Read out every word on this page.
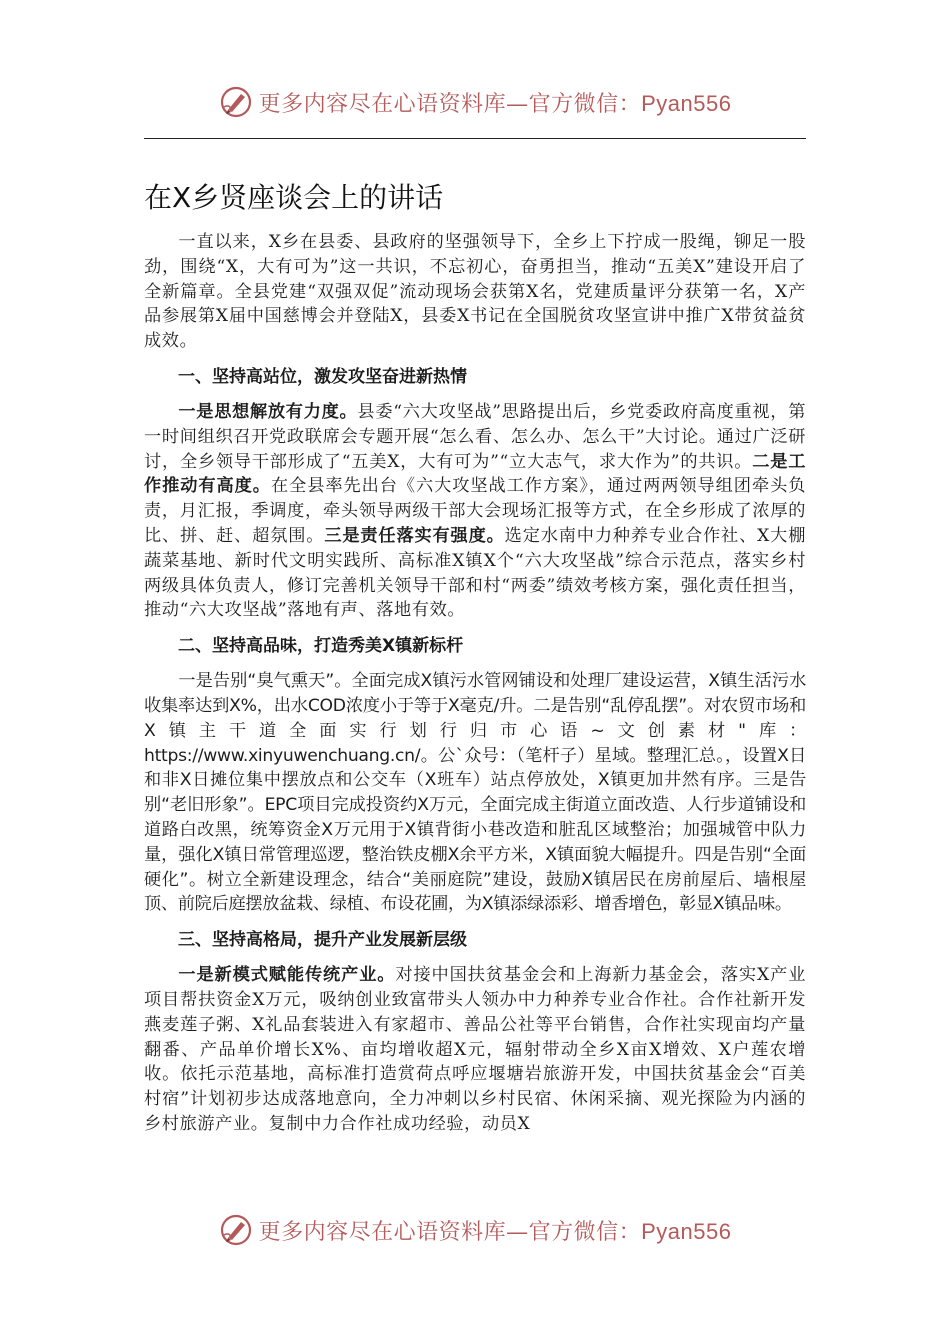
更多内容尽在心语资料库—官方微信：Pyan556
在X乡贤座谈会上的讲话

一直以来，X乡在县委、县政府的坚强领导下，全乡上下拧成一股绳，铆足一股劲，围绕“X，大有可为”这一共识，不忘初心，奋勇担当，推动“五美X”建设开启了全新篇章。全县党建“双强双促”流动现场会获第X名，党建质量评分获第一名，X产品参展第X届中国慈博会并登陆X，县委X书记在全国脱贫攻坚宣讲中推广X带贫益贫成效。

一、坚持高站位，激发攻坚奋进新热情

一是思想解放有力度。县委“六大攻坚战”思路提出后，乡党委政府高度重视，第一时间组织召开党政联席会专题开展“怎么看、怎么办、怎么干”大讨论。通过广泛研讨，全乡领导干部形成了“五美X，大有可为”“立大志气，求大作为”的共识。二是工作推动有高度。在全县率先出台《六大攻坚战工作方案》，通过两两领导组团牵头负责，月汇报，季调度，牵头领导两级干部大会现场汇报等方式，在全乡形成了浓厚的比、拼、赶、超氛围。三是责任落实有强度。选定水南中力种养专业合作社、X大棚蔬菜基地、新时代文明实践所、高标准X镇X个“六大攻坚战”综合示范点，落实乡村两级具体负责人，修订完善机关领导干部和村“两委”绩效考核方案，强化责任担当，推动“六大攻坚战”落地有声、落地有效。

二、坚持高品味，打造秀美X镇新标杆

一是告别“臭气熏天”。全面完成X镇污水管网铺设和处理厂建设运营，X镇生活污水收集率达到X%，出水COD浓度小于等于X毫克/升。二是告别“乱停乱摆”。对农贸市场和X镇主干道全面实行划行归市心语~文创素材"库：https://www.xinyuwenchuang.cn/。公`众号：（笔杆子）星域。整理汇总。，设置X日和非X日摊位集中摆放点和公交车（X班车）站点停放处，X镇更加井然有序。三是告别“老旧形象”。EPC项目完成投资约X万元，全面完成主街道立面改造、人行步道铺设和道路白改黑，统筹资金X万元用于X镇背街小巷改造和脏乱区域整治；加强城管中队力量，强化X镇日常管理巡逻，整治铁皮棚X余平方米，X镇面貌大幅提升。四是告别“全面硬化”。树立全新建设理念，结合“美丽庭院”建设，鼓励X镇居民在房前屋后、墙根屋顶、前院后庭摆放盆栽、绿植、布设花圃，为X镇添绿添彩、增香增色，彰显X镇品味。

三、坚持高格局，提升产业发展新层级

一是新模式赋能传统产业。对接中国扶贫基金会和上海新力基金会，落实X产业项目帮扶资金X万元，吸纳创业致富带头人领办中力种养专业合作社。合作社新开发燕麦莲子粥、X礼品套装进入有家超市、善品公社等平台销售，合作社实现亩均产量翻番、产品单价增长X%、亩均增收超X元，辐射带动全乡X亩X增效、X户莲农增收。依托示范基地，高标准打造赏荷点呼应堰塘岩旅游开发，中国扶贫基金会“百美村宿”计划初步达成落地意向，全力冲刺以乡村民宿、休闲采摘、观光探险为内涵的乡村旅游产业。复制中力合作社成功经验，动员X

更多内容尽在心语资料库—官方微信：Pyan556
